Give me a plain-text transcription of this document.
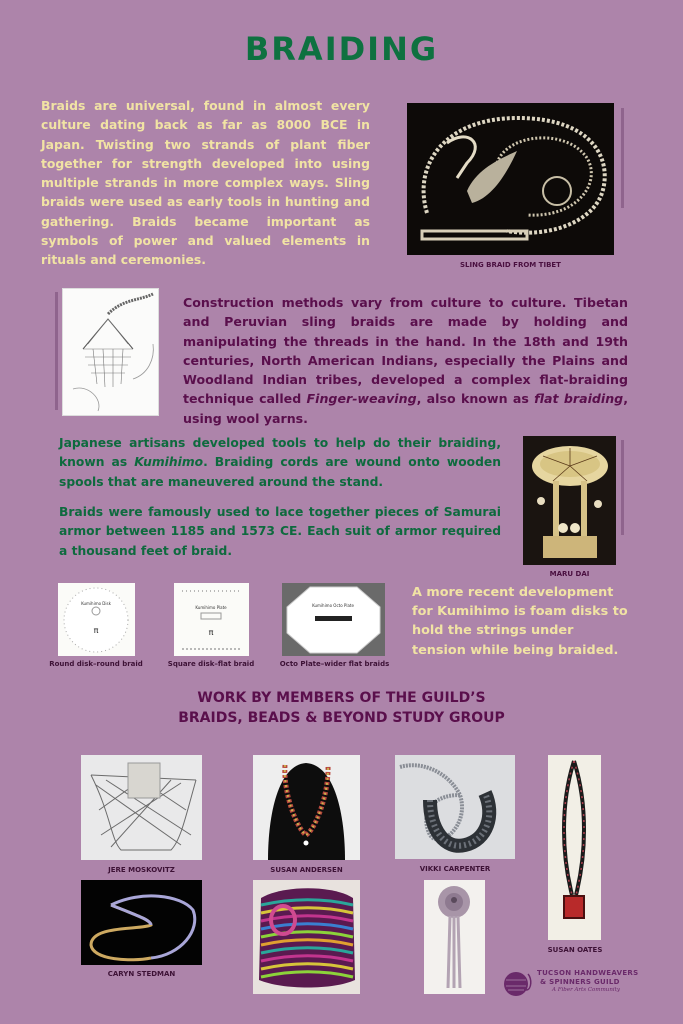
BRAIDING
Braids are universal, found in almost every culture dating back as far as 8000 BCE in Japan. Twisting two strands of plant fiber together for strength developed into using multiple strands in more complex ways. Sling braids were used as early tools in hunting and gathering. Braids became important as symbols of power and valued elements in rituals and ceremonies.	SLING BRAID FROM TIBET
Construction methods vary from culture to culture. Tibetan and Peruvian sling braids are made by holding and manipulating the threads in the hand. In the 18th and 19th centuries, North American Indians, especially the Plains and Woodland Indian tribes, developed a complex flat-braiding technique called Finger-weaving, also known as flat braiding, using wool yarns.
Japanese artisans developed tools to help do their braiding, known as Kumihimo. Braiding cords are wound onto wooden spools that are maneuvered around the stand.
Braids were famously used to lace together pieces of Samurai armor between 1185 and 1573 CE. Each suit of armor required a thousand feet of braid.
MARU DAI
Kumihimo Disk
π
Round disk–round braid
Kumihimo Plate
π
Square disk–flat braid
Kumihimo Octo Plate
Octo Plate–wider flat braids
A more recent development for Kumihimo is foam disks to hold the strings under tension while being braided.
WORK BY MEMBERS OF THE GUILD’S
BRAIDS, BEADS & BEYOND STUDY GROUP
JERE MOSKOVITZ	SUSAN ANDERSEN	VIKKI CARPENTER
SUSAN OATES
CARYN STEDMAN	TUCSON HANDWEAVERS
& SPINNERS GUILD
A Fiber Arts Community
